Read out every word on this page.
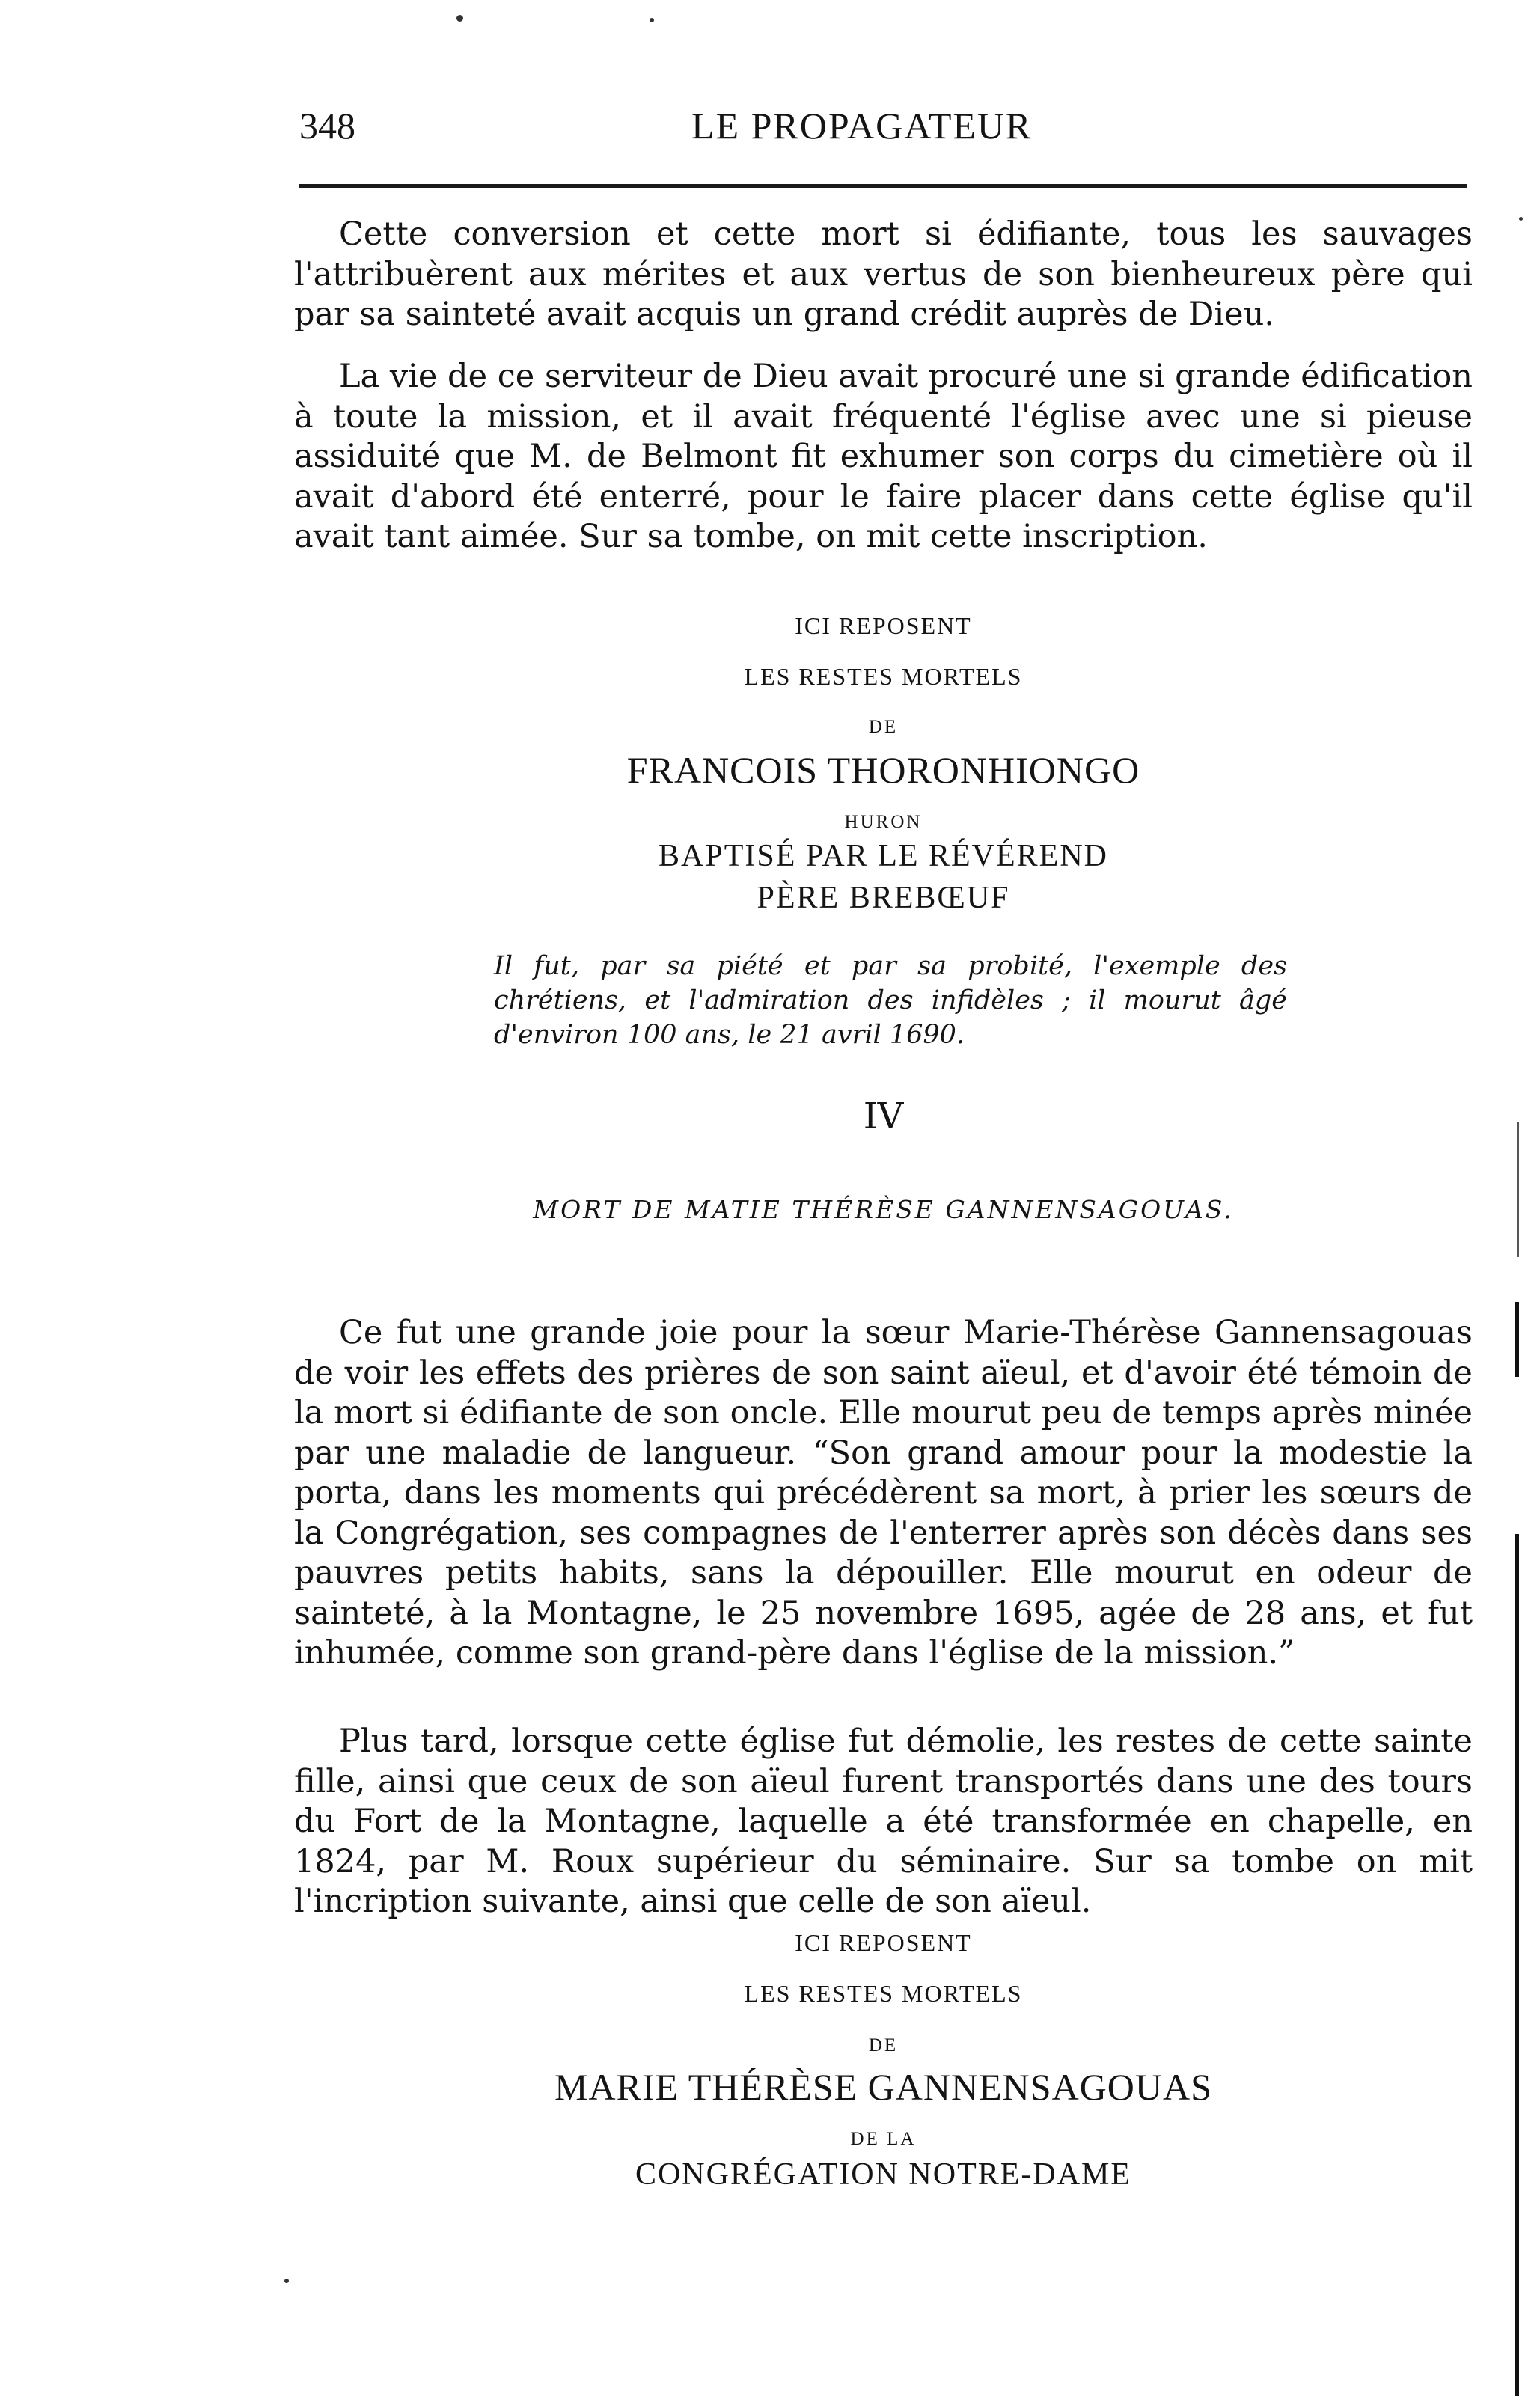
348	LE PROPAGATEUR

Cette conversion et cette mort si édifiante, tous les sauvages l'attribuèrent aux mérites et aux vertus de son bienheureux père qui par sa sainteté avait acquis un grand crédit auprès de Dieu.

La vie de ce serviteur de Dieu avait procuré une si grande édification à toute la mission, et il avait fréquenté l'église avec une si pieuse assiduité que M. de Belmont fit exhumer son corps du cimetière où il avait d'abord été enterré, pour le faire placer dans cette église qu'il avait tant aimée. Sur sa tombe, on mit cette inscription.

ICI REPOSENT

LES RESTES MORTELS

DE

FRANCOIS THORONHIONGO

HURON

BAPTISÉ PAR LE RÉVÉREND

PÈRE BREBŒUF

Il fut, par sa piété et par sa probité, l'exemple des chrétiens, et l'admiration des infidèles ; il mourut âgé d'environ 100 ans, le 21 avril 1690.

IV

MORT DE MATIE THÉRÈSE GANNENSAGOUAS.

Ce fut une grande joie pour la sœur Marie-Thérèse Gannensagouas de voir les effets des prières de son saint aïeul, et d'avoir été témoin de la mort si édifiante de son oncle. Elle mourut peu de temps après minée par une maladie de langueur. “Son grand amour pour la modestie la porta, dans les moments qui précédèrent sa mort, à prier les sœurs de la Congrégation, ses compagnes de l'enterrer après son décès dans ses pauvres petits habits, sans la dépouiller. Elle mourut en odeur de sainteté, à la Montagne, le 25 novembre 1695, agée de 28 ans, et fut inhumée, comme son grand-père dans l'église de la mission.”

Plus tard, lorsque cette église fut démolie, les restes de cette sainte fille, ainsi que ceux de son aïeul furent transportés dans une des tours du Fort de la Montagne, laquelle a été transformée en chapelle, en 1824, par M. Roux supérieur du séminaire. Sur sa tombe on mit l'incription suivante, ainsi que celle de son aïeul.

ICI REPOSENT

LES RESTES MORTELS

DE

MARIE THÉRÈSE GANNENSAGOUAS

DE LA

CONGRÉGATION NOTRE-DAME
